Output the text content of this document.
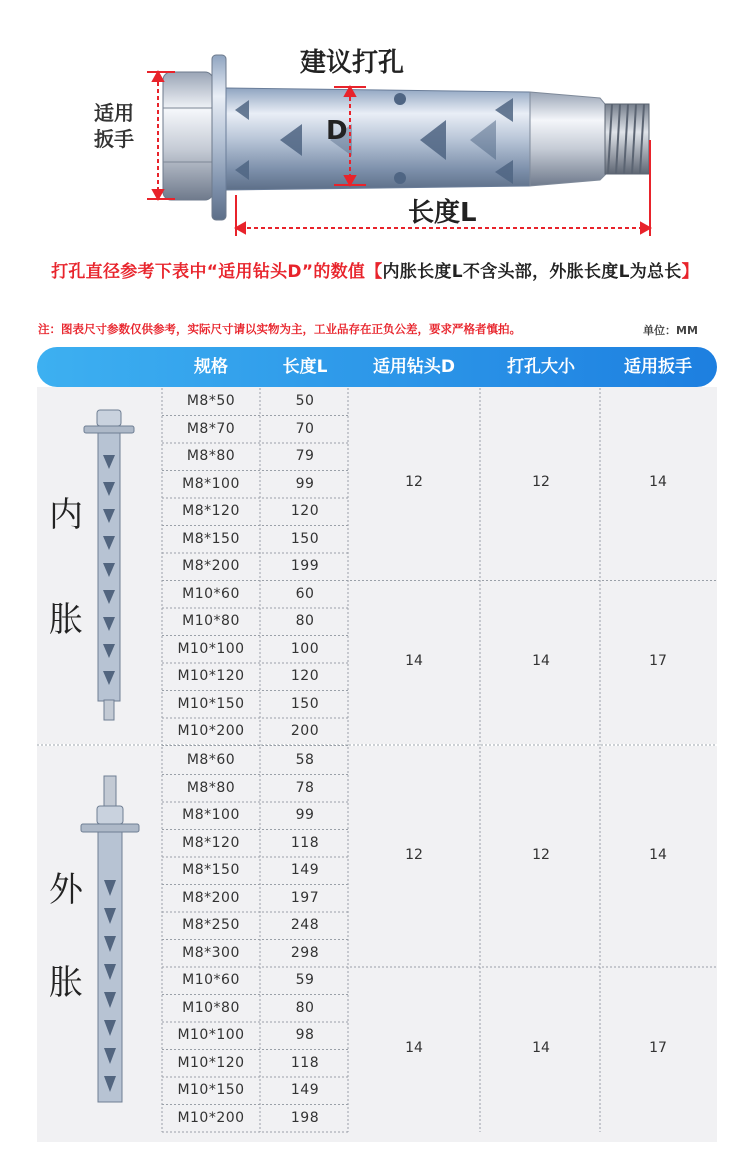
建议打孔
D
适用扳手
长度L
打孔直径参考下表中“适用钻头D”的数值【内胀长度L不含头部，外胀长度L为总长】
注：图表尺寸参数仅供参考，实际尺寸请以实物为主，工业品存在正负公差，要求严格者慎拍。	单位：MM
规格	长度L	适用钻头D	打孔大小	适用扳手
内
胀
外
胀
M8*50	50
M8*70	70
M8*80	79
M8*100	99
M8*120	120
M8*150	150
M8*200	199
12	12	14
M10*60	60
M10*80	80
M10*100	100
M10*120	120
M10*150	150
M10*200	200
14	14	17
M8*60	58
M8*80	78
M8*100	99
M8*120	118
M8*150	149
M8*200	197
M8*250	248
M8*300	298
12	12	14
M10*60	59
M10*80	80
M10*100	98
M10*120	118
M10*150	149
M10*200	198
14	14	17
